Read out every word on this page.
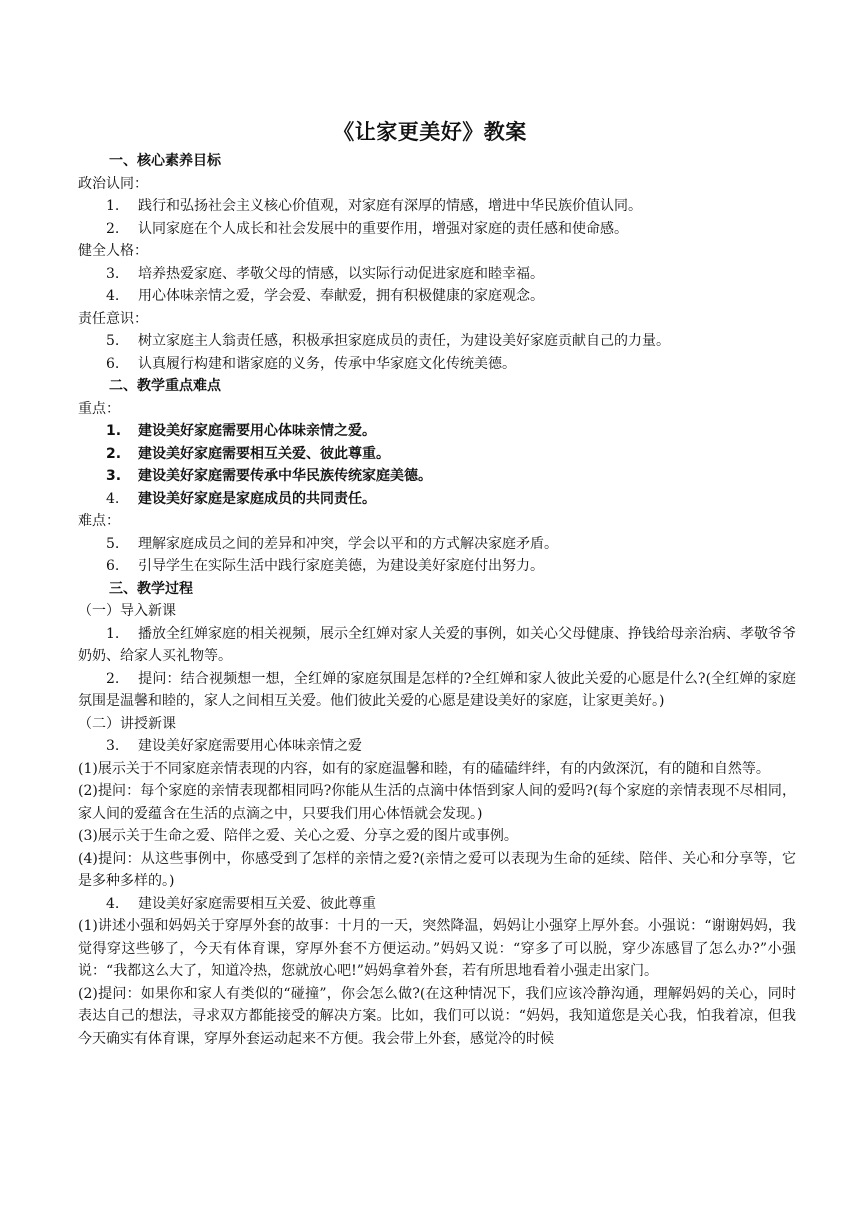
《让家更美好》教案

一、核心素养目标

政治认同：

1. 践行和弘扬社会主义核心价值观，对家庭有深厚的情感，增进中华民族价值认同。

2. 认同家庭在个人成长和社会发展中的重要作用，增强对家庭的责任感和使命感。

健全人格：

3. 培养热爱家庭、孝敬父母的情感，以实际行动促进家庭和睦幸福。

4. 用心体味亲情之爱，学会爱、奉献爱，拥有积极健康的家庭观念。

责任意识：

5. 树立家庭主人翁责任感，积极承担家庭成员的责任，为建设美好家庭贡献自己的力量。

6. 认真履行构建和谐家庭的义务，传承中华家庭文化传统美德。

二、教学重点难点

重点：

1. 建设美好家庭需要用心体味亲情之爱。

2. 建设美好家庭需要相互关爱、彼此尊重。

3. 建设美好家庭需要传承中华民族传统家庭美德。

4. 建设美好家庭是家庭成员的共同责任。

难点：

5. 理解家庭成员之间的差异和冲突，学会以平和的方式解决家庭矛盾。

6. 引导学生在实际生活中践行家庭美德，为建设美好家庭付出努力。

三、教学过程

（一）导入新课

1. 播放全红婵家庭的相关视频，展示全红婵对家人关爱的事例，如关心父母健康、挣钱给母亲治病、孝敬爷爷奶奶、给家人买礼物等。

2. 提问：结合视频想一想，全红婵的家庭氛围是怎样的?全红婵和家人彼此关爱的心愿是什么?(全红婵的家庭氛围是温馨和睦的，家人之间相互关爱。他们彼此关爱的心愿是建设美好的家庭，让家更美好。)

（二）讲授新课

3. 建设美好家庭需要用心体味亲情之爱

(1)展示关于不同家庭亲情表现的内容，如有的家庭温馨和睦，有的磕磕绊绊，有的内敛深沉，有的随和自然等。

(2)提问：每个家庭的亲情表现都相同吗?你能从生活的点滴中体悟到家人间的爱吗?(每个家庭的亲情表现不尽相同，家人间的爱蕴含在生活的点滴之中，只要我们用心体悟就会发现。)

(3)展示关于生命之爱、陪伴之爱、关心之爱、分享之爱的图片或事例。

(4)提问：从这些事例中，你感受到了怎样的亲情之爱?(亲情之爱可以表现为生命的延续、陪伴、关心和分享等，它是多种多样的。)

4. 建设美好家庭需要相互关爱、彼此尊重

(1)讲述小强和妈妈关于穿厚外套的故事：十月的一天，突然降温，妈妈让小强穿上厚外套。小强说：“谢谢妈妈，我觉得穿这些够了，今天有体育课，穿厚外套不方便运动。”妈妈又说：“穿多了可以脱，穿少冻感冒了怎么办?”小强说：“我都这么大了，知道冷热，您就放心吧!”妈妈拿着外套，若有所思地看着小强走出家门。

(2)提问：如果你和家人有类似的“碰撞”，你会怎么做?(在这种情况下，我们应该冷静沟通，理解妈妈的关心，同时表达自己的想法，寻求双方都能接受的解决方案。比如，我们可以说：“妈妈，我知道您是关心我，怕我着凉，但我今天确实有体育课，穿厚外套运动起来不方便。我会带上外套，感觉冷的时候
